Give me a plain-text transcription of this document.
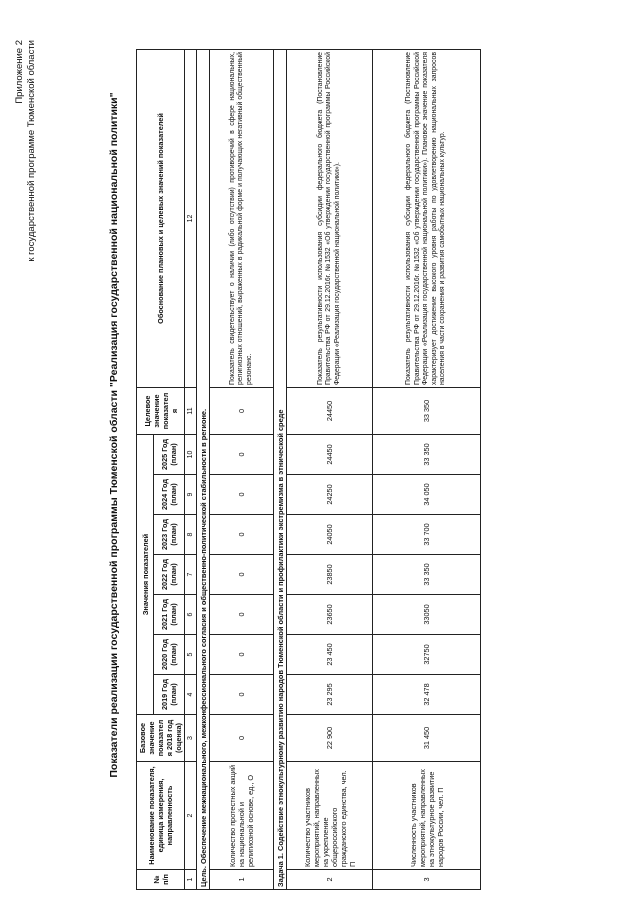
Приложение 2 к государственной программе Тюменской области	Показатели реализации государственной программы Тюменской области "Реализация государственной национальной политики"
№ п/п	Наименование показателя, единица измерения, направленность	Базовое значение показател я 2018 год (оценка)	Значения показателей							Целевое значение показател я	Обоснование плановых и целевых значений показателей
			2019 Год (план)	2020 Год (план)	2021 Год (план)	2022 Год (план)	2023 Год (план)	2024 Год (план)	2025 Год (план)		
1	2	3	4	5	6	7	8	9	10	11	12
Цель. Обеспечение межнационального, межконфессионального согласия и общественно-политической стабильности в регионе.											
1	Количество протестных акций на национальной и религиозной основе, ед., О	0	0	0	0	0	0	0	0	0	Показатель свидетельствует о наличии (либо отсутствии) противоречий в сфере национальных, религиозных отношений, выраженных в радикальной форме и получающих негативный общественный резонанс.
Задача 1. Содействие этнокультурному развитию народов Тюменской области и профилактики экстремизма в этнической среде											
2	Количество участников мероприятий, направленных на укрепление общероссийского гражданского единства, чел. П	22 900	23 295	23 450	23650	23850	24050	24250	24450	24450	Показатель результативности использования субсидии федерального бюджета (Постановление Правительства РФ от 29.12.2016г. №1532 «Об утверждении государственной программы Российской Федерации «Реализация государственной национальной политики»).
3	Численность участников мероприятий, направленных на этнокультурное развитие народов России, чел. П	31 450	32 478	32750	33050	33 350	33 700	34 050	33 350	33 350	Показатель результативности использования субсидии федерального бюджета (Постановление Правительства РФ от 29.12.2016г. №1532 «Об утверждении государственной программы Российской Федерации «Реализация государственной национальной политики»). Плановое значение показателя характеризует достижение высокого уровня работы по удовлетворению национальных запросов населения в части сохранения и развития самобытных национальных культур.
